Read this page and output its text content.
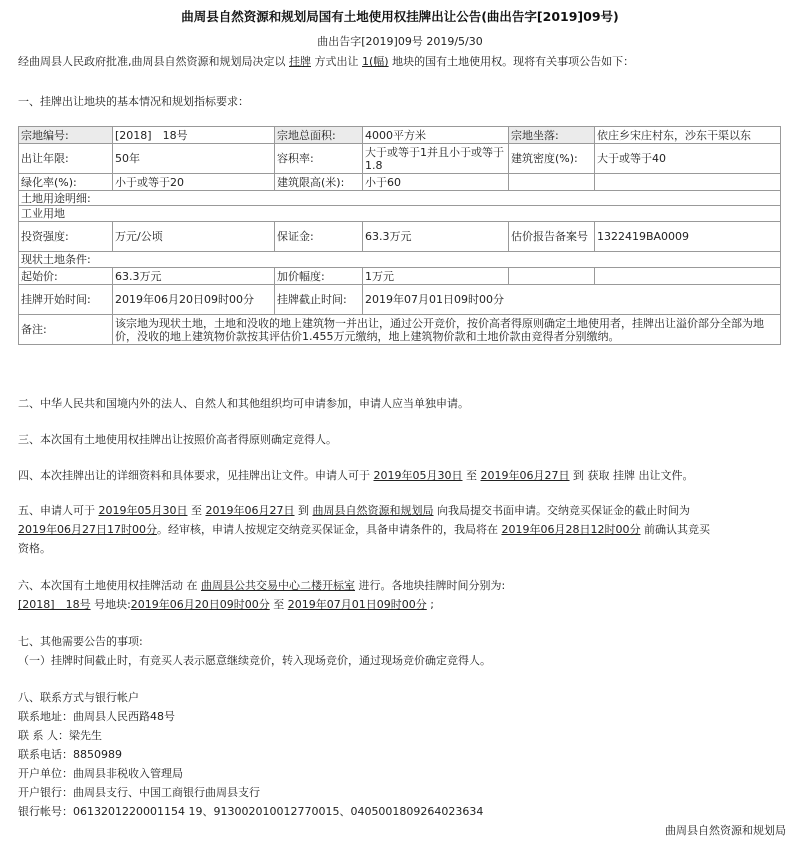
曲周县自然资源和规划局国有土地使用权挂牌出让公告(曲出告字[2019]09号)
曲出告字[2019]09号 2019/5/30
经曲周县人民政府批准,曲周县自然资源和规划局决定以 挂牌 方式出让 1(幅) 地块的国有土地使用权。现将有关事项公告如下：
一、挂牌出让地块的基本情况和规划指标要求：
宗地编号:	[2018]　18号	宗地总面积:	4000平方米	宗地坐落:	依庄乡宋庄村东，沙东干渠以东
出让年限:	50年	容积率:	大于或等于1并且小于或等于1.8	建筑密度(%):	大于或等于40
绿化率(%):	小于或等于20	建筑限高(米):	小于60		
土地用途明细:					
工业用地					
投资强度:	万元/公顷	保证金:	63.3万元	估价报告备案号	1322419BA0009
现状土地条件:					
起始价:	63.3万元	加价幅度:	1万元		
挂牌开始时间:	2019年06月20日09时00分	挂牌截止时间:	2019年07月01日09时00分		
备注:	该宗地为现状土地，土地和没收的地上建筑物一并出让，通过公开竞价，按价高者得原则确定土地使用者，挂牌出让溢价部分全部为地价，没收的地上建筑物价款按其评估价1.455万元缴纳，地上建筑物价款和土地价款由竞得者分别缴纳。				
二、中华人民共和国境内外的法人、自然人和其他组织均可申请参加，申请人应当单独申请。
三、本次国有土地使用权挂牌出让按照价高者得原则确定竞得人。
四、本次挂牌出让的详细资料和具体要求，见挂牌出让文件。申请人可于 2019年05月30日 至 2019年06月27日 到 获取 挂牌 出让文件。
五、申请人可于 2019年05月30日 至 2019年06月27日 到 曲周县自然资源和规划局 向我局提交书面申请。交纳竞买保证金的截止时间为
2019年06月27日17时00分。经审核，申请人按规定交纳竞买保证金，具备申请条件的，我局将在 2019年06月28日12时00分 前确认其竞买
资格。
六、本次国有土地使用权挂牌活动 在 曲周县公共交易中心二楼开标室 进行。各地块挂牌时间分别为:
[2018]　18号 号地块:2019年06月20日09时00分 至 2019年07月01日09时00分 ;
七、其他需要公告的事项:
（一）挂牌时间截止时，有竞买人表示愿意继续竞价，转入现场竞价，通过现场竞价确定竞得人。
八、联系方式与银行帐户
联系地址：曲周县人民西路48号
联 系 人：梁先生
联系电话：8850989
开户单位：曲周县非税收入管理局
开户银行：曲周县支行、中国工商银行曲周县支行
银行帐号：0613201220001154 19、913002010012770015、0405001809264023634
曲周县自然资源和规划局
